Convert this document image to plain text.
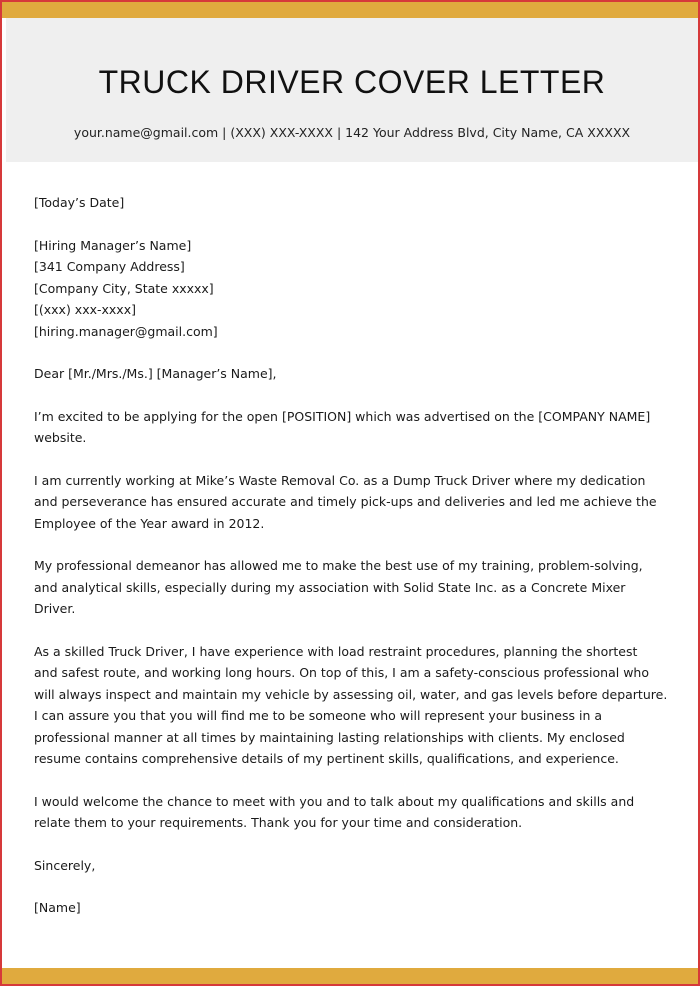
TRUCK DRIVER COVER LETTER
your.name@gmail.com | (XXX) XXX-XXXX | 142 Your Address Blvd, City Name, CA XXXXX
[Today’s Date]
[Hiring Manager’s Name]
[341 Company Address]
[Company City, State xxxxx]
[(xxx) xxx-xxxx]
[hiring.manager@gmail.com]
Dear [Mr./Mrs./Ms.] [Manager’s Name],
I’m excited to be applying for the open [POSITION] which was advertised on the [COMPANY NAME]
website.
I am currently working at Mike’s Waste Removal Co. as a Dump Truck Driver where my dedication
and perseverance has ensured accurate and timely pick-ups and deliveries and led me achieve the
Employee of the Year award in 2012.
My professional demeanor has allowed me to make the best use of my training, problem-solving,
and analytical skills, especially during my association with Solid State Inc. as a Concrete Mixer
Driver.
As a skilled Truck Driver, I have experience with load restraint procedures, planning the shortest
and safest route, and working long hours. On top of this, I am a safety-conscious professional who
will always inspect and maintain my vehicle by assessing oil, water, and gas levels before departure.
I can assure you that you will find me to be someone who will represent your business in a
professional manner at all times by maintaining lasting relationships with clients. My enclosed
resume contains comprehensive details of my pertinent skills, qualifications, and experience.
I would welcome the chance to meet with you and to talk about my qualifications and skills and
relate them to your requirements. Thank you for your time and consideration.
Sincerely,
[Name]
